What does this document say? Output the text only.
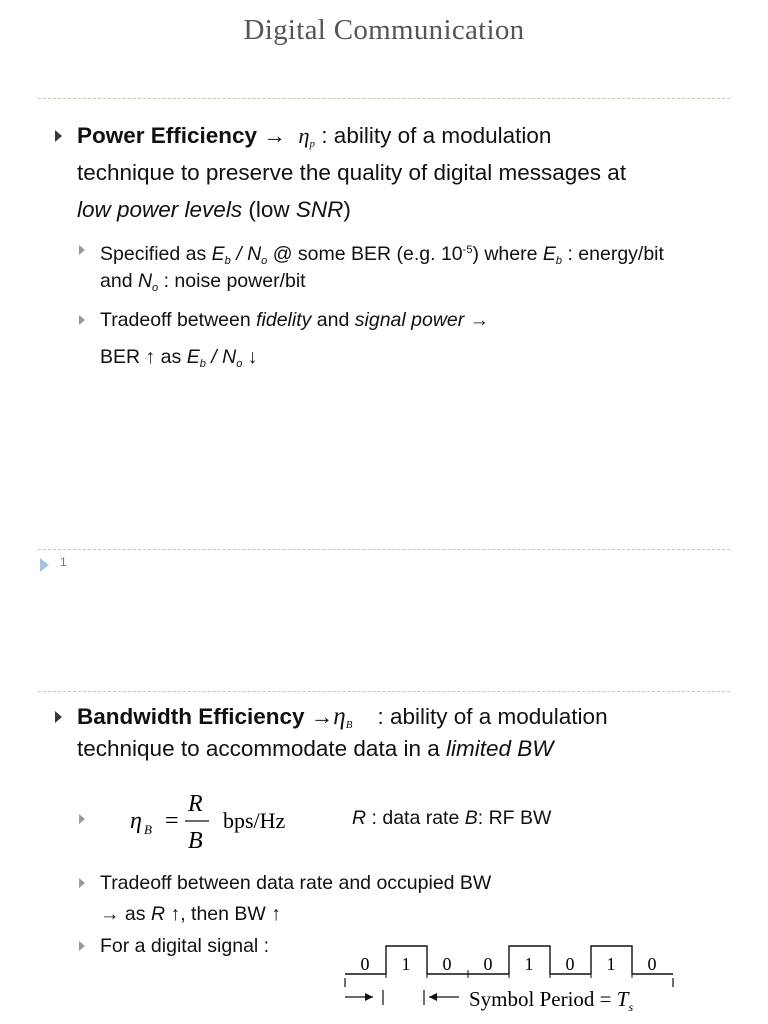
Digital Communication
Power Efficiency → $\eta_p$ : ability of a modulation
technique to preserve the quality of digital messages at
low power levels (low SNR)
Specified as $E_b / N_o$ @ some BER (e.g. $10^{-5}$) where $E_b$ : energy/bit
and $N_o$ : noise power/bit
Tradeoff between fidelity and signal power →
BER ↑ as $E_b / N_o$ ↓
1
Bandwidth Efficiency $\to\eta_B$    : ability of a modulation
technique to accommodate data in a limited BW
η B =
R
B
bps/Hz	R : data rate B: RF BW
Tradeoff between data rate and occupied BW
→ as R ↑, then BW ↑
For a digital signal :
0 1 0 0 1 0 1 0
Symbol Period = $T_s$
